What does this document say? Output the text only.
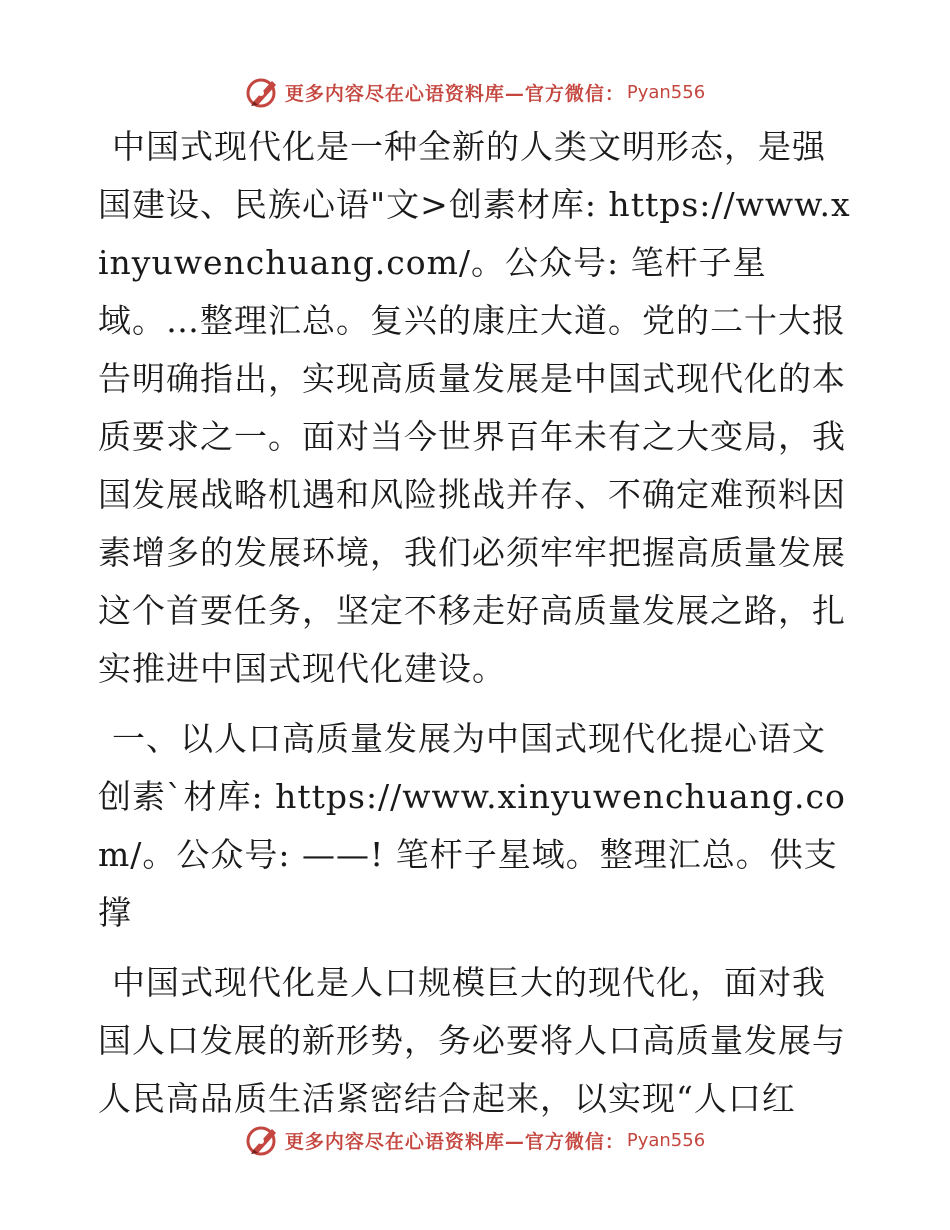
更多内容尽在心语资料库—官方微信： Pyan556

中国式现代化是一种全新的人类文明形态，是强国建设、民族心语"文>创素材库: https://www.xinyuwenchuang.com/。公众号: 笔杆子星域。…整理汇总。复兴的康庄大道。党的二十大报告明确指出，实现高质量发展是中国式现代化的本质要求之一。面对当今世界百年未有之大变局，我国发展战略机遇和风险挑战并存、不确定难预料因素增多的发展环境，我们必须牢牢把握高质量发展这个首要任务，坚定不移走好高质量发展之路，扎实推进中国式现代化建设。

一、以人口高质量发展为中国式现代化提心语文创素`材库: https://www.xinyuwenchuang.com/。公众号: ——! 笔杆子星域。整理汇总。供支撑

中国式现代化是人口规模巨大的现代化，面对我国人口发展的新形势，务必要将人口高质量发展与人民高品质生活紧密结合起来，以实现“人口红

更多内容尽在心语资料库—官方微信： Pyan556
